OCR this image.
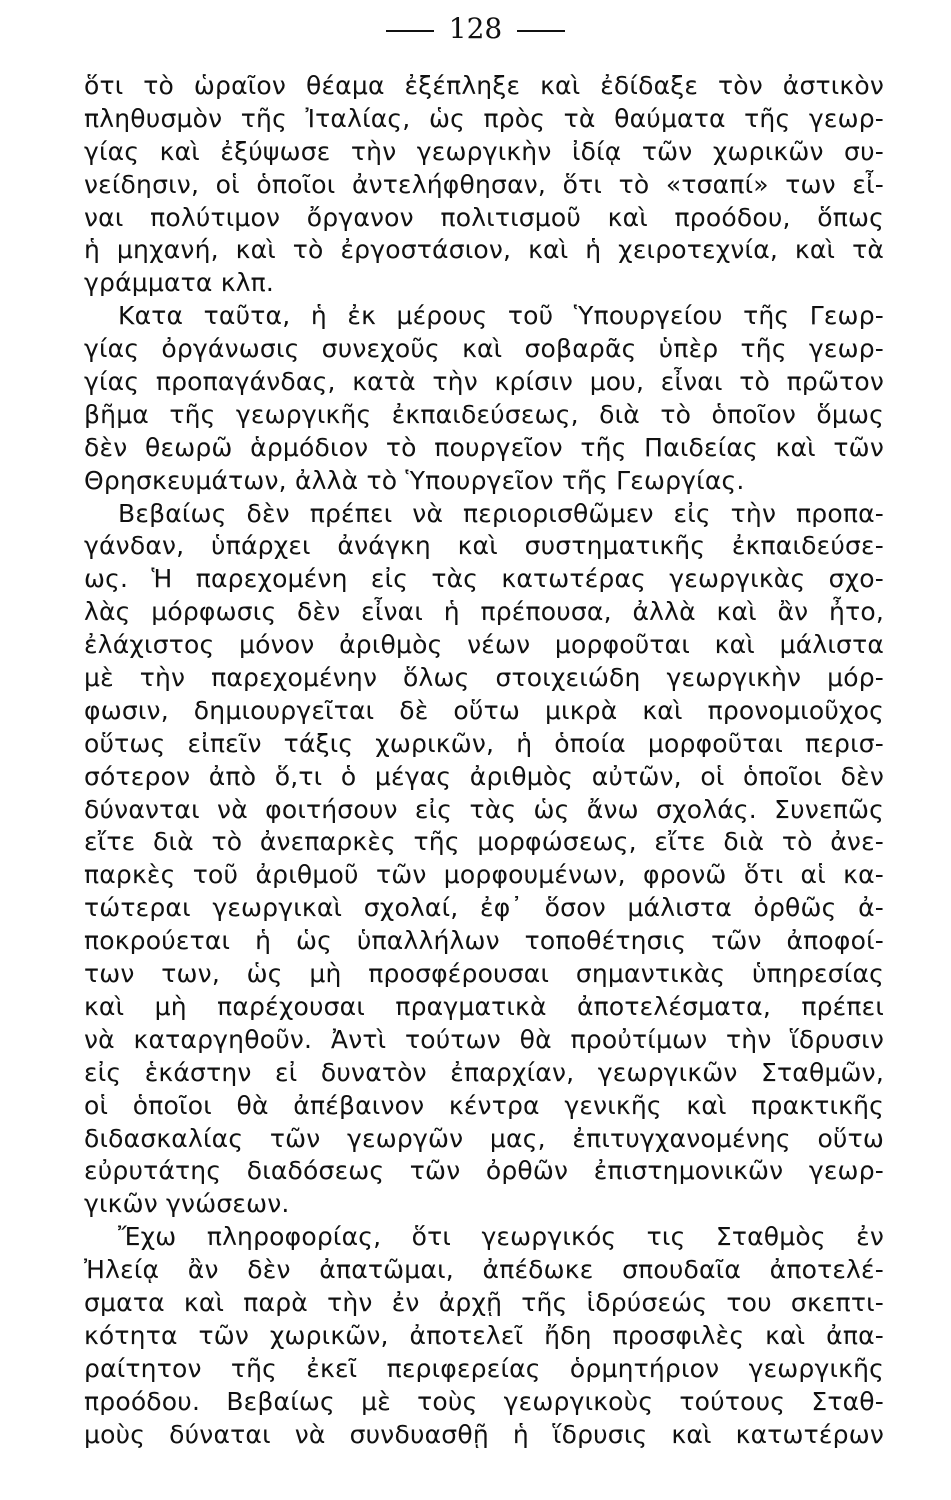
128
ὅτι τὸ ὡραῖον θέαμα ἐξέπληξε καὶ ἐδίδαξε τὸν ἀστικὸν
πληθυσμὸν τῆς Ἰταλίας, ὡς πρὸς τὰ θαύματα τῆς γεωρ-
γίας καὶ ἐξύψωσε τὴν γεωργικὴν ἰδίᾳ τῶν χωρικῶν συ-
νείδησιν, οἱ ὁποῖοι ἀντελήφθησαν, ὅτι τὸ «τσαπί» των εἶ-
ναι πολύτιμον ὄργανον πολιτισμοῦ καὶ προόδου, ὅπως
ἡ μηχανή, καὶ τὸ ἐργοστάσιον, καὶ ἡ χειροτεχνία, καὶ τὰ
γράμματα κλπ.
Κατα ταῦτα, ἡ ἐκ μέρους τοῦ Ὑπουργείου τῆς Γεωρ-
γίας ὀργάνωσις συνεχοῦς καὶ σοβαρᾶς ὑπὲρ τῆς γεωρ-
γίας προπαγάνδας, κατὰ τὴν κρίσιν μου, εἶναι τὸ πρῶτον
βῆμα τῆς γεωργικῆς ἐκπαιδεύσεως, διὰ τὸ ὁποῖον ὅμως
δὲν θεωρῶ ἁρμόδιον τὸ πουργεῖον τῆς Παιδείας καὶ τῶν
Θρησκευμάτων, ἀλλὰ τὸ Ὑπουργεῖον τῆς Γεωργίας.
Βεβαίως δὲν πρέπει νὰ περιορισθῶμεν εἰς τὴν προπα-
γάνδαν, ὑπάρχει ἀνάγκη καὶ συστηματικῆς ἐκπαιδεύσε-
ως. Ἡ παρεχομένη εἰς τὰς κατωτέρας γεωργικὰς σχο-
λὰς μόρφωσις δὲν εἶναι ἡ πρέπουσα, ἀλλὰ καὶ ἂν ἦτο,
ἐλάχιστος μόνον ἀριθμὸς νέων μορφοῦται καὶ μάλιστα
μὲ τὴν παρεχομένην ὅλως στοιχειώδη γεωργικὴν μόρ-
φωσιν, δημιουργεῖται δὲ οὕτω μικρὰ καὶ προνομιοῦχος
οὕτως εἰπεῖν τάξις χωρικῶν, ἡ ὁποία μορφοῦται περισ-
σότερον ἀπὸ ὅ,τι ὁ μέγας ἀριθμὸς αὐτῶν, οἱ ὁποῖοι δὲν
δύνανται νὰ φοιτήσουν εἰς τὰς ὡς ἄνω σχολάς. Συνεπῶς
εἴτε διὰ τὸ ἀνεπαρκὲς τῆς μορφώσεως, εἴτε διὰ τὸ ἀνε-
παρκὲς τοῦ ἀριθμοῦ τῶν μορφουμένων, φρονῶ ὅτι αἱ κα-
τώτεραι γεωργικαὶ σχολαί, ἐφ᾽ ὅσον μάλιστα ὀρθῶς ἀ-
ποκρούεται ἡ ὡς ὑπαλλήλων τοποθέτησις τῶν ἀποφοί-
των των, ὡς μὴ προσφέρουσαι σημαντικὰς ὑπηρεσίας
καὶ μὴ παρέχουσαι πραγματικὰ ἀποτελέσματα, πρέπει
νὰ καταργηθοῦν. Ἀντὶ τούτων θὰ προὐτίμων τὴν ἵδρυσιν
εἰς ἑκάστην εἰ δυνατὸν ἐπαρχίαν, γεωργικῶν Σταθμῶν,
οἱ ὁποῖοι θὰ ἀπέβαινον κέντρα γενικῆς καὶ πρακτικῆς
διδασκαλίας τῶν γεωργῶν μας, ἐπιτυγχανομένης οὕτω
εὐρυτάτης διαδόσεως τῶν ὀρθῶν ἐπιστημονικῶν γεωρ-
γικῶν γνώσεων.
Ἔχω πληροφορίας, ὅτι γεωργικός τις Σταθμὸς ἐν
Ἠλείᾳ ἂν δὲν ἀπατῶμαι, ἀπέδωκε σπουδαῖα ἀποτελέ-
σματα καὶ παρὰ τὴν ἐν ἀρχῇ τῆς ἱδρύσεώς του σκεπτι-
κότητα τῶν χωρικῶν, ἀποτελεῖ ἤδη προσφιλὲς καὶ ἀπα-
ραίτητον τῆς ἐκεῖ περιφερείας ὁρμητήριον γεωργικῆς
προόδου. Βεβαίως μὲ τοὺς γεωργικοὺς τούτους Σταθ-
μοὺς δύναται νὰ συνδυασθῇ ἡ ἵδρυσις καὶ κατωτέρων
